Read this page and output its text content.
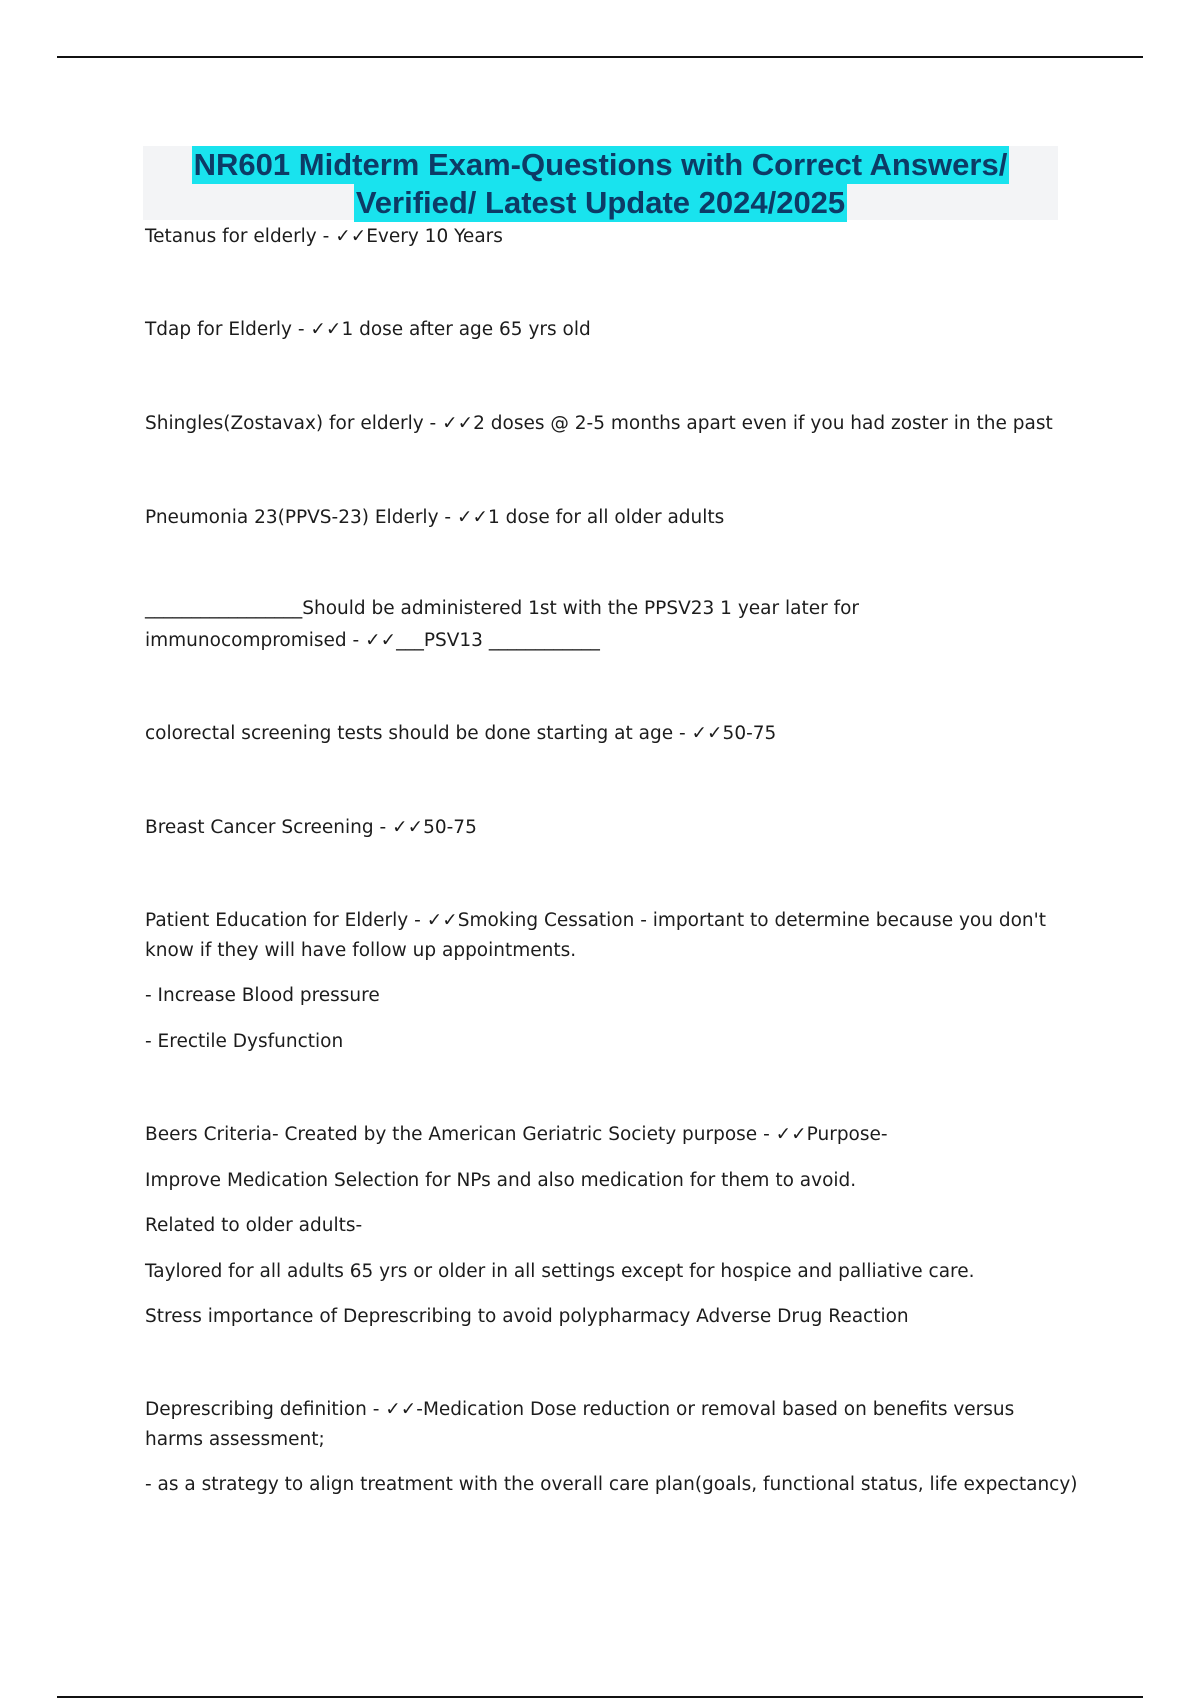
NR601 Midterm Exam-Questions with Correct Answers/
Verified/ Latest Update 2024/2025
Tetanus for elderly - ✓✓Every 10 Years
Tdap for Elderly - ✓✓1 dose after age 65 yrs old
Shingles(Zostavax) for elderly - ✓✓2 doses @ 2-5 months apart even if you had zoster in the past
Pneumonia 23(PPVS-23) Elderly - ✓✓1 dose for all older adults
_________________Should be administered 1st with the PPSV23 1 year later for
immunocompromised - ✓✓___PSV13 ____________
colorectal screening tests should be done starting at age - ✓✓50-75
Breast Cancer Screening - ✓✓50-75
Patient Education for Elderly - ✓✓Smoking Cessation - important to determine because you don't
know if they will have follow up appointments.
- Increase Blood pressure
- Erectile Dysfunction
Beers Criteria- Created by the American Geriatric Society purpose - ✓✓Purpose-
Improve Medication Selection for NPs and also medication for them to avoid.
Related to older adults-
Taylored for all adults 65 yrs or older in all settings except for hospice and palliative care.
Stress importance of Deprescribing to avoid polypharmacy Adverse Drug Reaction
Deprescribing definition - ✓✓-Medication Dose reduction or removal based on benefits versus
harms assessment;
- as a strategy to align treatment with the overall care plan(goals, functional status, life expectancy)
